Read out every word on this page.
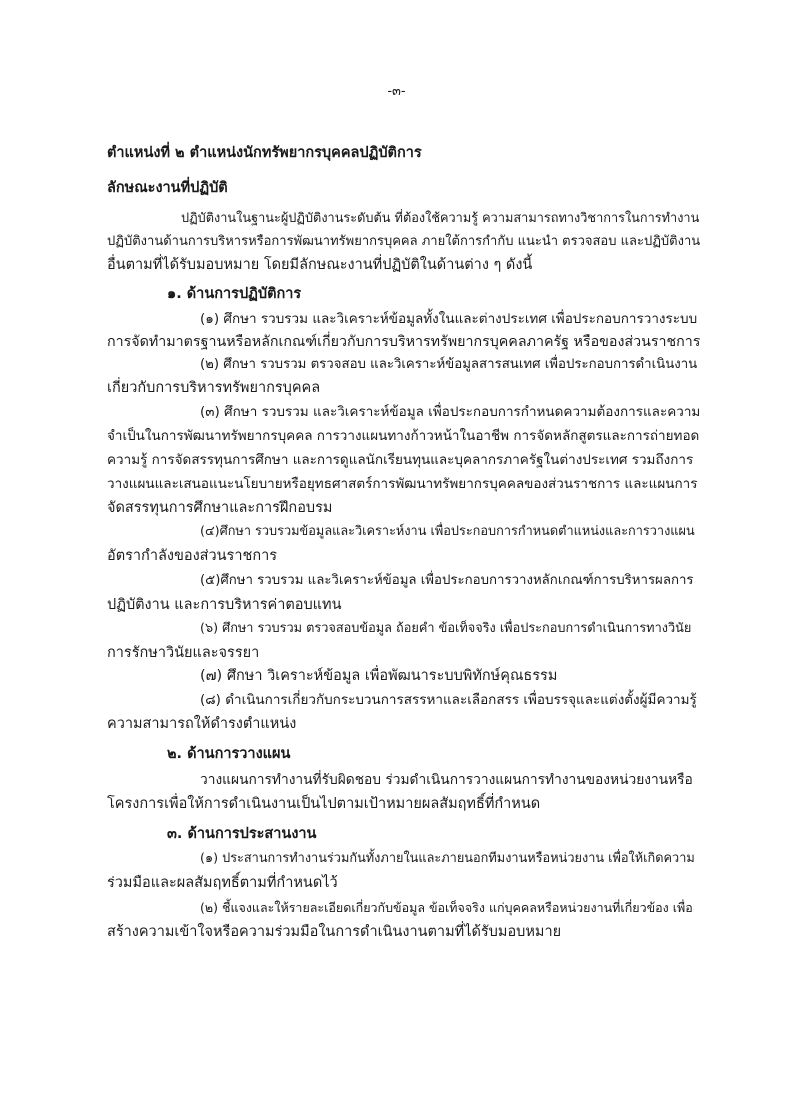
-๓-
ตำแหน่งที่ ๒ ตำแหน่งนักทรัพยากรบุคคลปฏิบัติการ
ลักษณะงานที่ปฏิบัติ
ปฏิบัติงานในฐานะผู้ปฏิบัติงานระดับต้น ที่ต้องใช้ความรู้ ความสามารถทางวิชาการในการทำงาน
ปฏิบัติงานด้านการบริหารหรือการพัฒนาทรัพยากรบุคคล ภายใต้การกำกับ แนะนำ ตรวจสอบ และปฏิบัติงาน
อื่นตามที่ได้รับมอบหมาย โดยมีลักษณะงานที่ปฏิบัติในด้านต่าง ๆ ดังนี้
๑. ด้านการปฏิบัติการ
(๑) ศึกษา รวบรวม และวิเคราะห์ข้อมูลทั้งในและต่างประเทศ เพื่อประกอบการวางระบบ
การจัดทำมาตรฐานหรือหลักเกณฑ์เกี่ยวกับการบริหารทรัพยากรบุคคลภาครัฐ หรือของส่วนราชการ
(๒) ศึกษา รวบรวม ตรวจสอบ และวิเคราะห์ข้อมูลสารสนเทศ เพื่อประกอบการดำเนินงาน
เกี่ยวกับการบริหารทรัพยากรบุคคล
(๓) ศึกษา รวบรวม และวิเคราะห์ข้อมูล เพื่อประกอบการกำหนดความต้องการและความ
จำเป็นในการพัฒนาทรัพยากรบุคคล การวางแผนทางก้าวหน้าในอาชีพ การจัดหลักสูตรและการถ่ายทอด
ความรู้ การจัดสรรทุนการศึกษา และการดูแลนักเรียนทุนและบุคลากรภาครัฐในต่างประเทศ รวมถึงการ
วางแผนและเสนอแนะนโยบายหรือยุทธศาสตร์การพัฒนาทรัพยากรบุคคลของส่วนราชการ และแผนการ
จัดสรรทุนการศึกษาและการฝึกอบรม
(๔)ศึกษา รวบรวมข้อมูลและวิเคราะห์งาน เพื่อประกอบการกำหนดตำแหน่งและการวางแผน
อัตรากำลังของส่วนราชการ
(๕)ศึกษา รวบรวม และวิเคราะห์ข้อมูล เพื่อประกอบการวางหลักเกณฑ์การบริหารผลการ
ปฏิบัติงาน และการบริหารค่าตอบแทน
(๖) ศึกษา รวบรวม ตรวจสอบข้อมูล ถ้อยคำ ข้อเท็จจริง เพื่อประกอบการดำเนินการทางวินัย
การรักษาวินัยและจรรยา
(๗) ศึกษา วิเคราะห์ข้อมูล เพื่อพัฒนาระบบพิทักษ์คุณธรรม
(๘) ดำเนินการเกี่ยวกับกระบวนการสรรหาและเลือกสรร เพื่อบรรจุและแต่งตั้งผู้มีความรู้
ความสามารถให้ดำรงตำแหน่ง
๒. ด้านการวางแผน
วางแผนการทำงานที่รับผิดชอบ ร่วมดำเนินการวางแผนการทำงานของหน่วยงานหรือ
โครงการเพื่อให้การดำเนินงานเป็นไปตามเป้าหมายผลสัมฤทธิ์ที่กำหนด
๓. ด้านการประสานงาน
(๑) ประสานการทำงานร่วมกันทั้งภายในและภายนอกทีมงานหรือหน่วยงาน เพื่อให้เกิดความ
ร่วมมือและผลสัมฤทธิ์ตามที่กำหนดไว้
(๒) ชี้แจงและให้รายละเอียดเกี่ยวกับข้อมูล ข้อเท็จจริง แก่บุคคลหรือหน่วยงานที่เกี่ยวข้อง เพื่อ
สร้างความเข้าใจหรือความร่วมมือในการดำเนินงานตามที่ได้รับมอบหมาย
